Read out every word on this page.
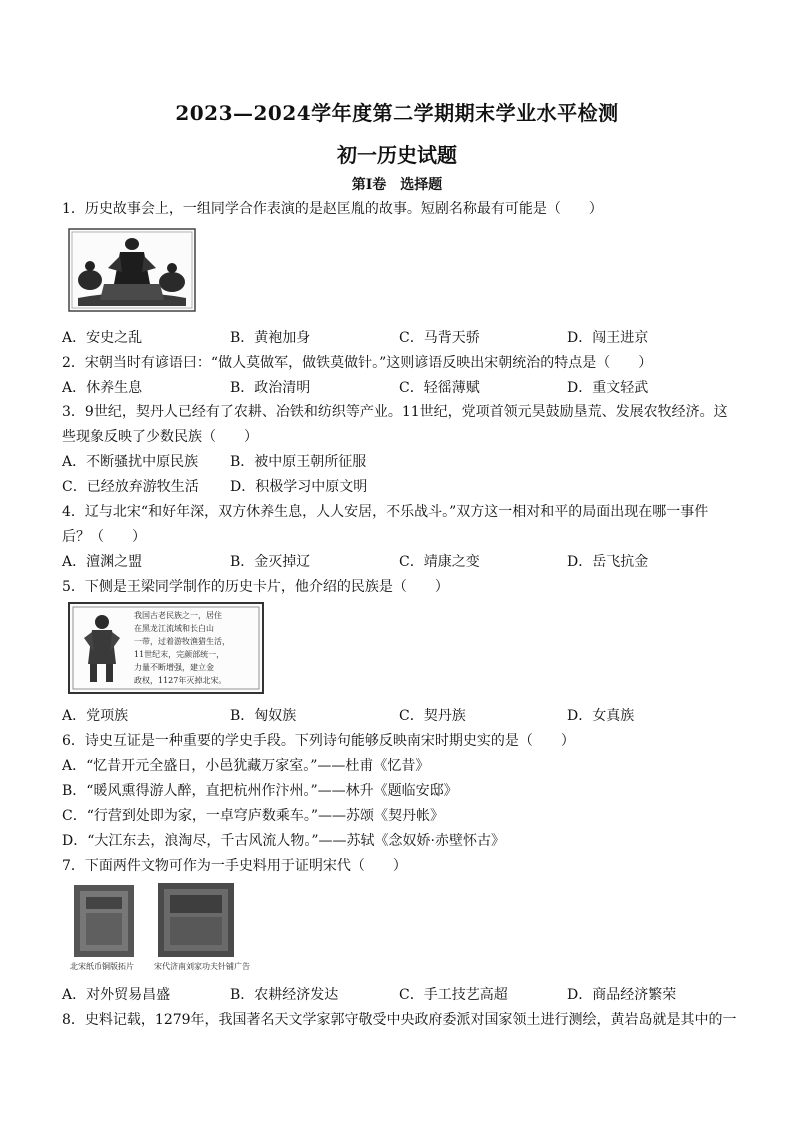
2023—2024学年度第二学期期末学业水平检测
初一历史试题
第Ⅰ卷　选择题
1．历史故事会上，一组同学合作表演的是赵匡胤的故事。短剧名称最有可能是（　　）
A．安史之乱	B．黄袍加身	C．马背天骄	D．闯王进京
2．宋朝当时有谚语曰：“做人莫做军，做铁莫做针。”这则谚语反映出宋朝统治的特点是（　　）
A．休养生息	B．政治清明	C．轻徭薄赋	D．重文轻武
3．9世纪，契丹人已经有了农耕、冶铁和纺织等产业。11世纪，党项首领元昊鼓励垦荒、发展农牧经济。这
些现象反映了少数民族（　　）
A．不断骚扰中原民族 B．被中原王朝所征服
C．已经放弃游牧生活 D．积极学习中原文明
4．辽与北宋“和好年深，双方休养生息，人人安居，不乐战斗。”双方这一相对和平的局面出现在哪一事件
后？（　　）
A．澶渊之盟	B．金灭掉辽	C．靖康之变	D．岳飞抗金
5．下侧是王梁同学制作的历史卡片，他介绍的民族是（　　）
我国古老民族之一，居住
在黑龙江流域和长白山
一带，过着游牧渔猎生活，
11世纪末，完颜部统一，
力量不断增强，建立金
政权，1127年灭掉北宋。
A．党项族	B．匈奴族	C．契丹族	D．女真族
6．诗史互证是一种重要的学史手段。下列诗句能够反映南宋时期史实的是（　　）
A．“忆昔开元全盛日，小邑犹藏万家室。”——杜甫《忆昔》
B．“暖风熏得游人醉，直把杭州作汴州。”——林升《题临安邸》
C．“行营到处即为家，一卓穹庐数乘车。”——苏颂《契丹帐》
D．“大江东去，浪淘尽，千古风流人物。”——苏轼《念奴娇·赤壁怀古》
7．下面两件文物可作为一手史料用于证明宋代（　　）
北宋纸币铜版拓片	宋代济南刘家功夫针铺广告
A．对外贸易昌盛	B．农耕经济发达	C．手工技艺高超	D．商品经济繁荣
8．史料记载，1279年，我国著名天文学家郭守敬受中央政府委派对国家领土进行测绘，黄岩岛就是其中的一
